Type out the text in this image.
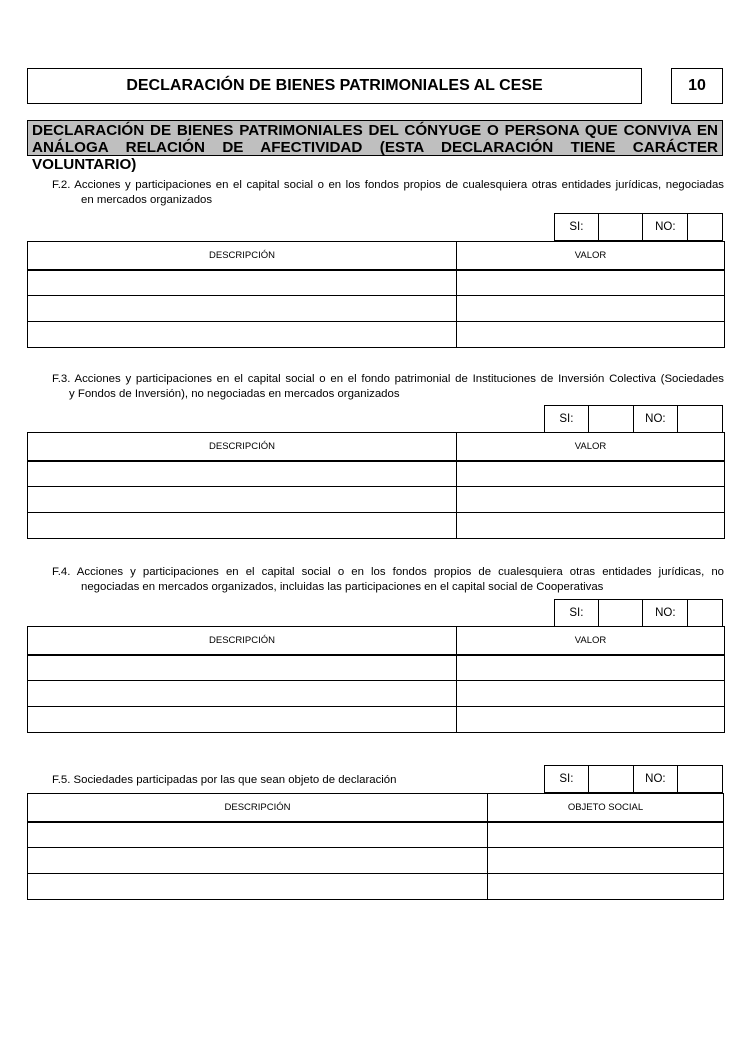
DECLARACIÓN DE BIENES PATRIMONIALES AL CESE	10
DECLARACIÓN DE BIENES PATRIMONIALES DEL CÓNYUGE O PERSONA QUE CONVIVA EN
ANÁLOGA RELACIÓN DE AFECTIVIDAD (ESTA DECLARACIÓN TIENE CARÁCTER VOLUNTARIO)
F.2. Acciones y participaciones en el capital social o en los fondos propios de cualesquiera otras entidades jurídicas, negociadas
en mercados organizados
SI:	NO:
DESCRIPCIÓN	VALOR

F.3. Acciones y participaciones en el capital social o en el fondo patrimonial de Instituciones de Inversión Colectiva (Sociedades
y Fondos de Inversión), no negociadas en mercados organizados
SI:	NO:
DESCRIPCIÓN	VALOR

F.4. Acciones y participaciones en el capital social o en los fondos propios de cualesquiera otras entidades jurídicas, no
negociadas en mercados organizados, incluidas las participaciones en el capital social de Cooperativas
SI:	NO:
DESCRIPCIÓN	VALOR

F.5. Sociedades participadas por las que sean objeto de declaración	SI:	NO:
DESCRIPCIÓN	OBJETO SOCIAL
